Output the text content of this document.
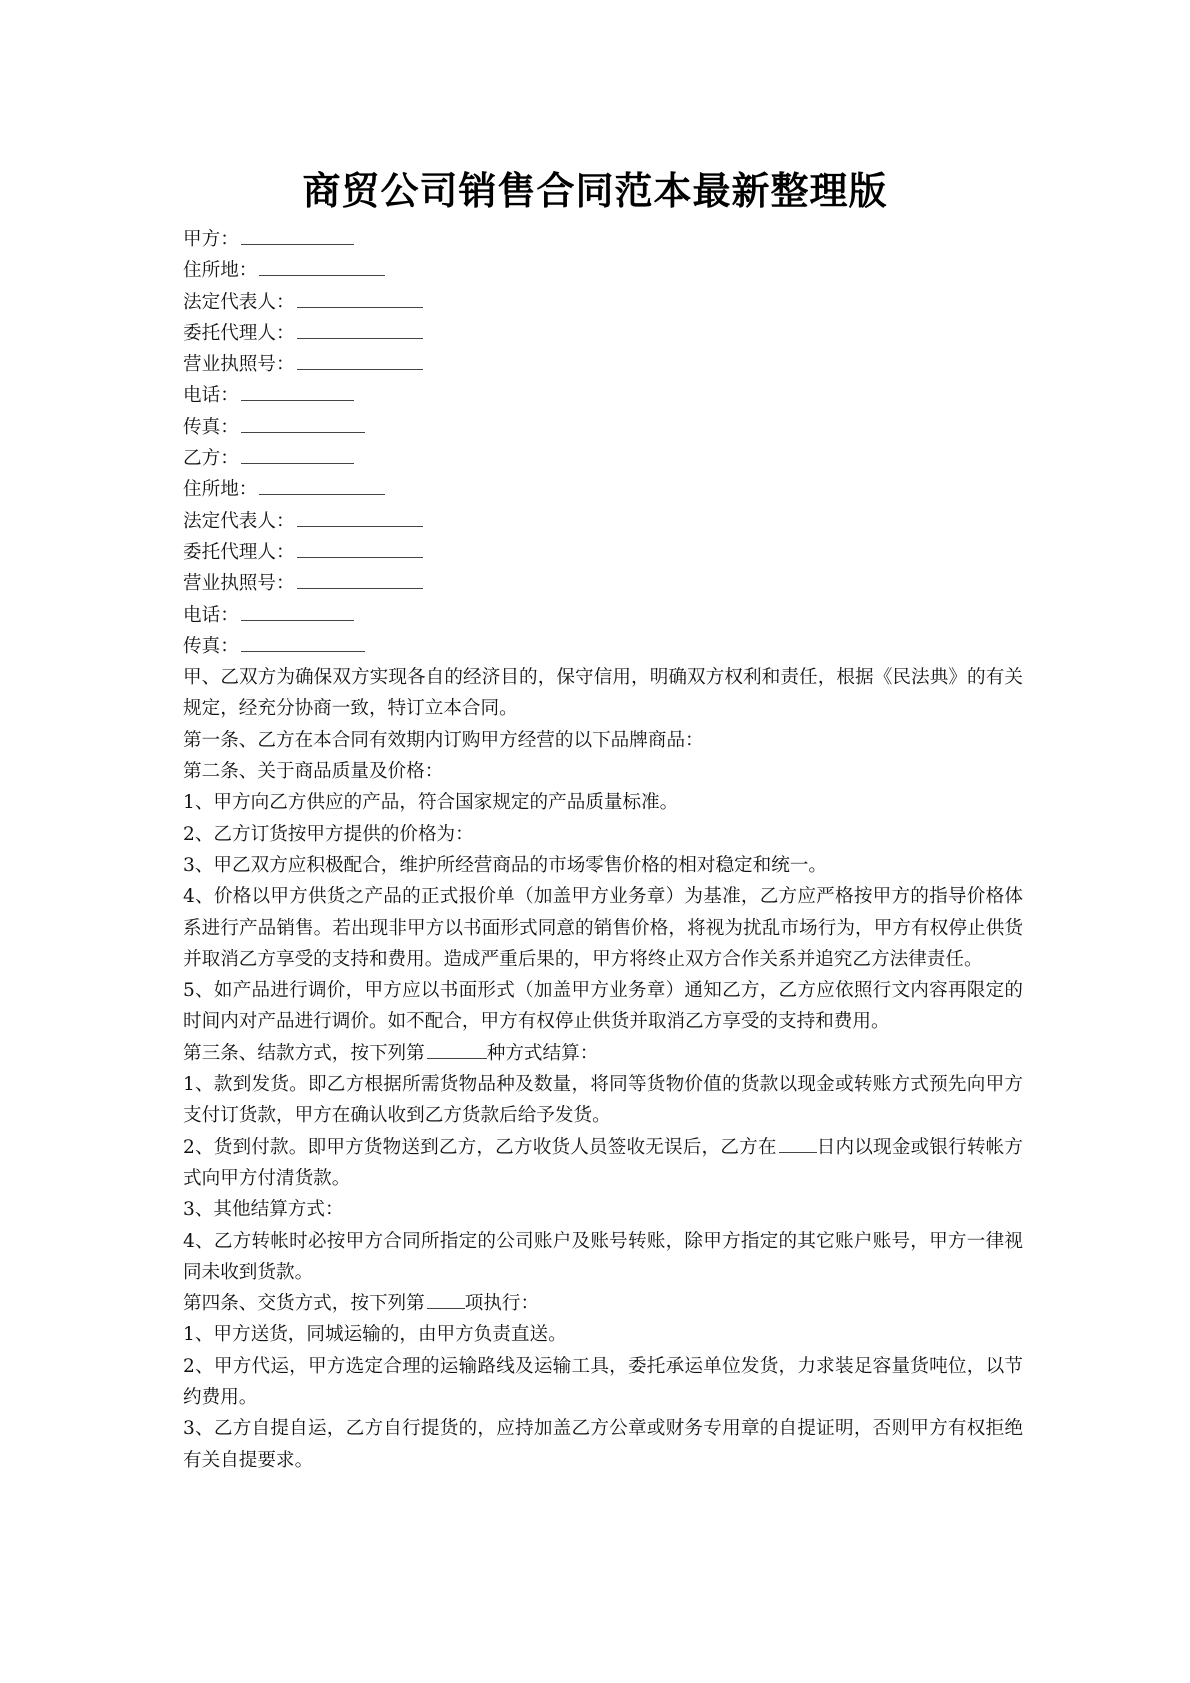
商贸公司销售合同范本最新整理版
甲方：
住所地：
法定代表人：
委托代理人：
营业执照号：
电话：
传真：
乙方：
住所地：
法定代表人：
委托代理人：
营业执照号：
电话：
传真：
甲、乙双方为确保双方实现各自的经济目的，保守信用，明确双方权利和责任，根据《民法典》的有关规定，经充分协商一致，特订立本合同。
第一条、乙方在本合同有效期内订购甲方经营的以下品牌商品：
第二条、关于商品质量及价格：
1、甲方向乙方供应的产品，符合国家规定的产品质量标准。
2、乙方订货按甲方提供的价格为：
3、甲乙双方应积极配合，维护所经营商品的市场零售价格的相对稳定和统一。
4、价格以甲方供货之产品的正式报价单（加盖甲方业务章）为基准，乙方应严格按甲方的指导价格体系进行产品销售。若出现非甲方以书面形式同意的销售价格，将视为扰乱市场行为，甲方有权停止供货并取消乙方享受的支持和费用。造成严重后果的，甲方将终止双方合作关系并追究乙方法律责任。
5、如产品进行调价，甲方应以书面形式（加盖甲方业务章）通知乙方，乙方应依照行文内容再限定的时间内对产品进行调价。如不配合，甲方有权停止供货并取消乙方享受的支持和费用。
第三条、结款方式，按下列第	种方式结算：
1、款到发货。即乙方根据所需货物品种及数量，将同等货物价值的货款以现金或转账方式预先向甲方支付订货款，甲方在确认收到乙方货款后给予发货。
2、货到付款。即甲方货物送到乙方，乙方收货人员签收无误后，乙方在 日内以现金或银行转帐方式向甲方付清货款。
3、其他结算方式：
4、乙方转帐时必按甲方合同所指定的公司账户及账号转账，除甲方指定的其它账户账号，甲方一律视同未收到货款。
第四条、交货方式，按下列第 项执行：
1、甲方送货，同城运输的，由甲方负责直送。
2、甲方代运，甲方选定合理的运输路线及运输工具，委托承运单位发货，力求装足容量货吨位，以节约费用。
3、乙方自提自运，乙方自行提货的，应持加盖乙方公章或财务专用章的自提证明，否则甲方有权拒绝有关自提要求。
